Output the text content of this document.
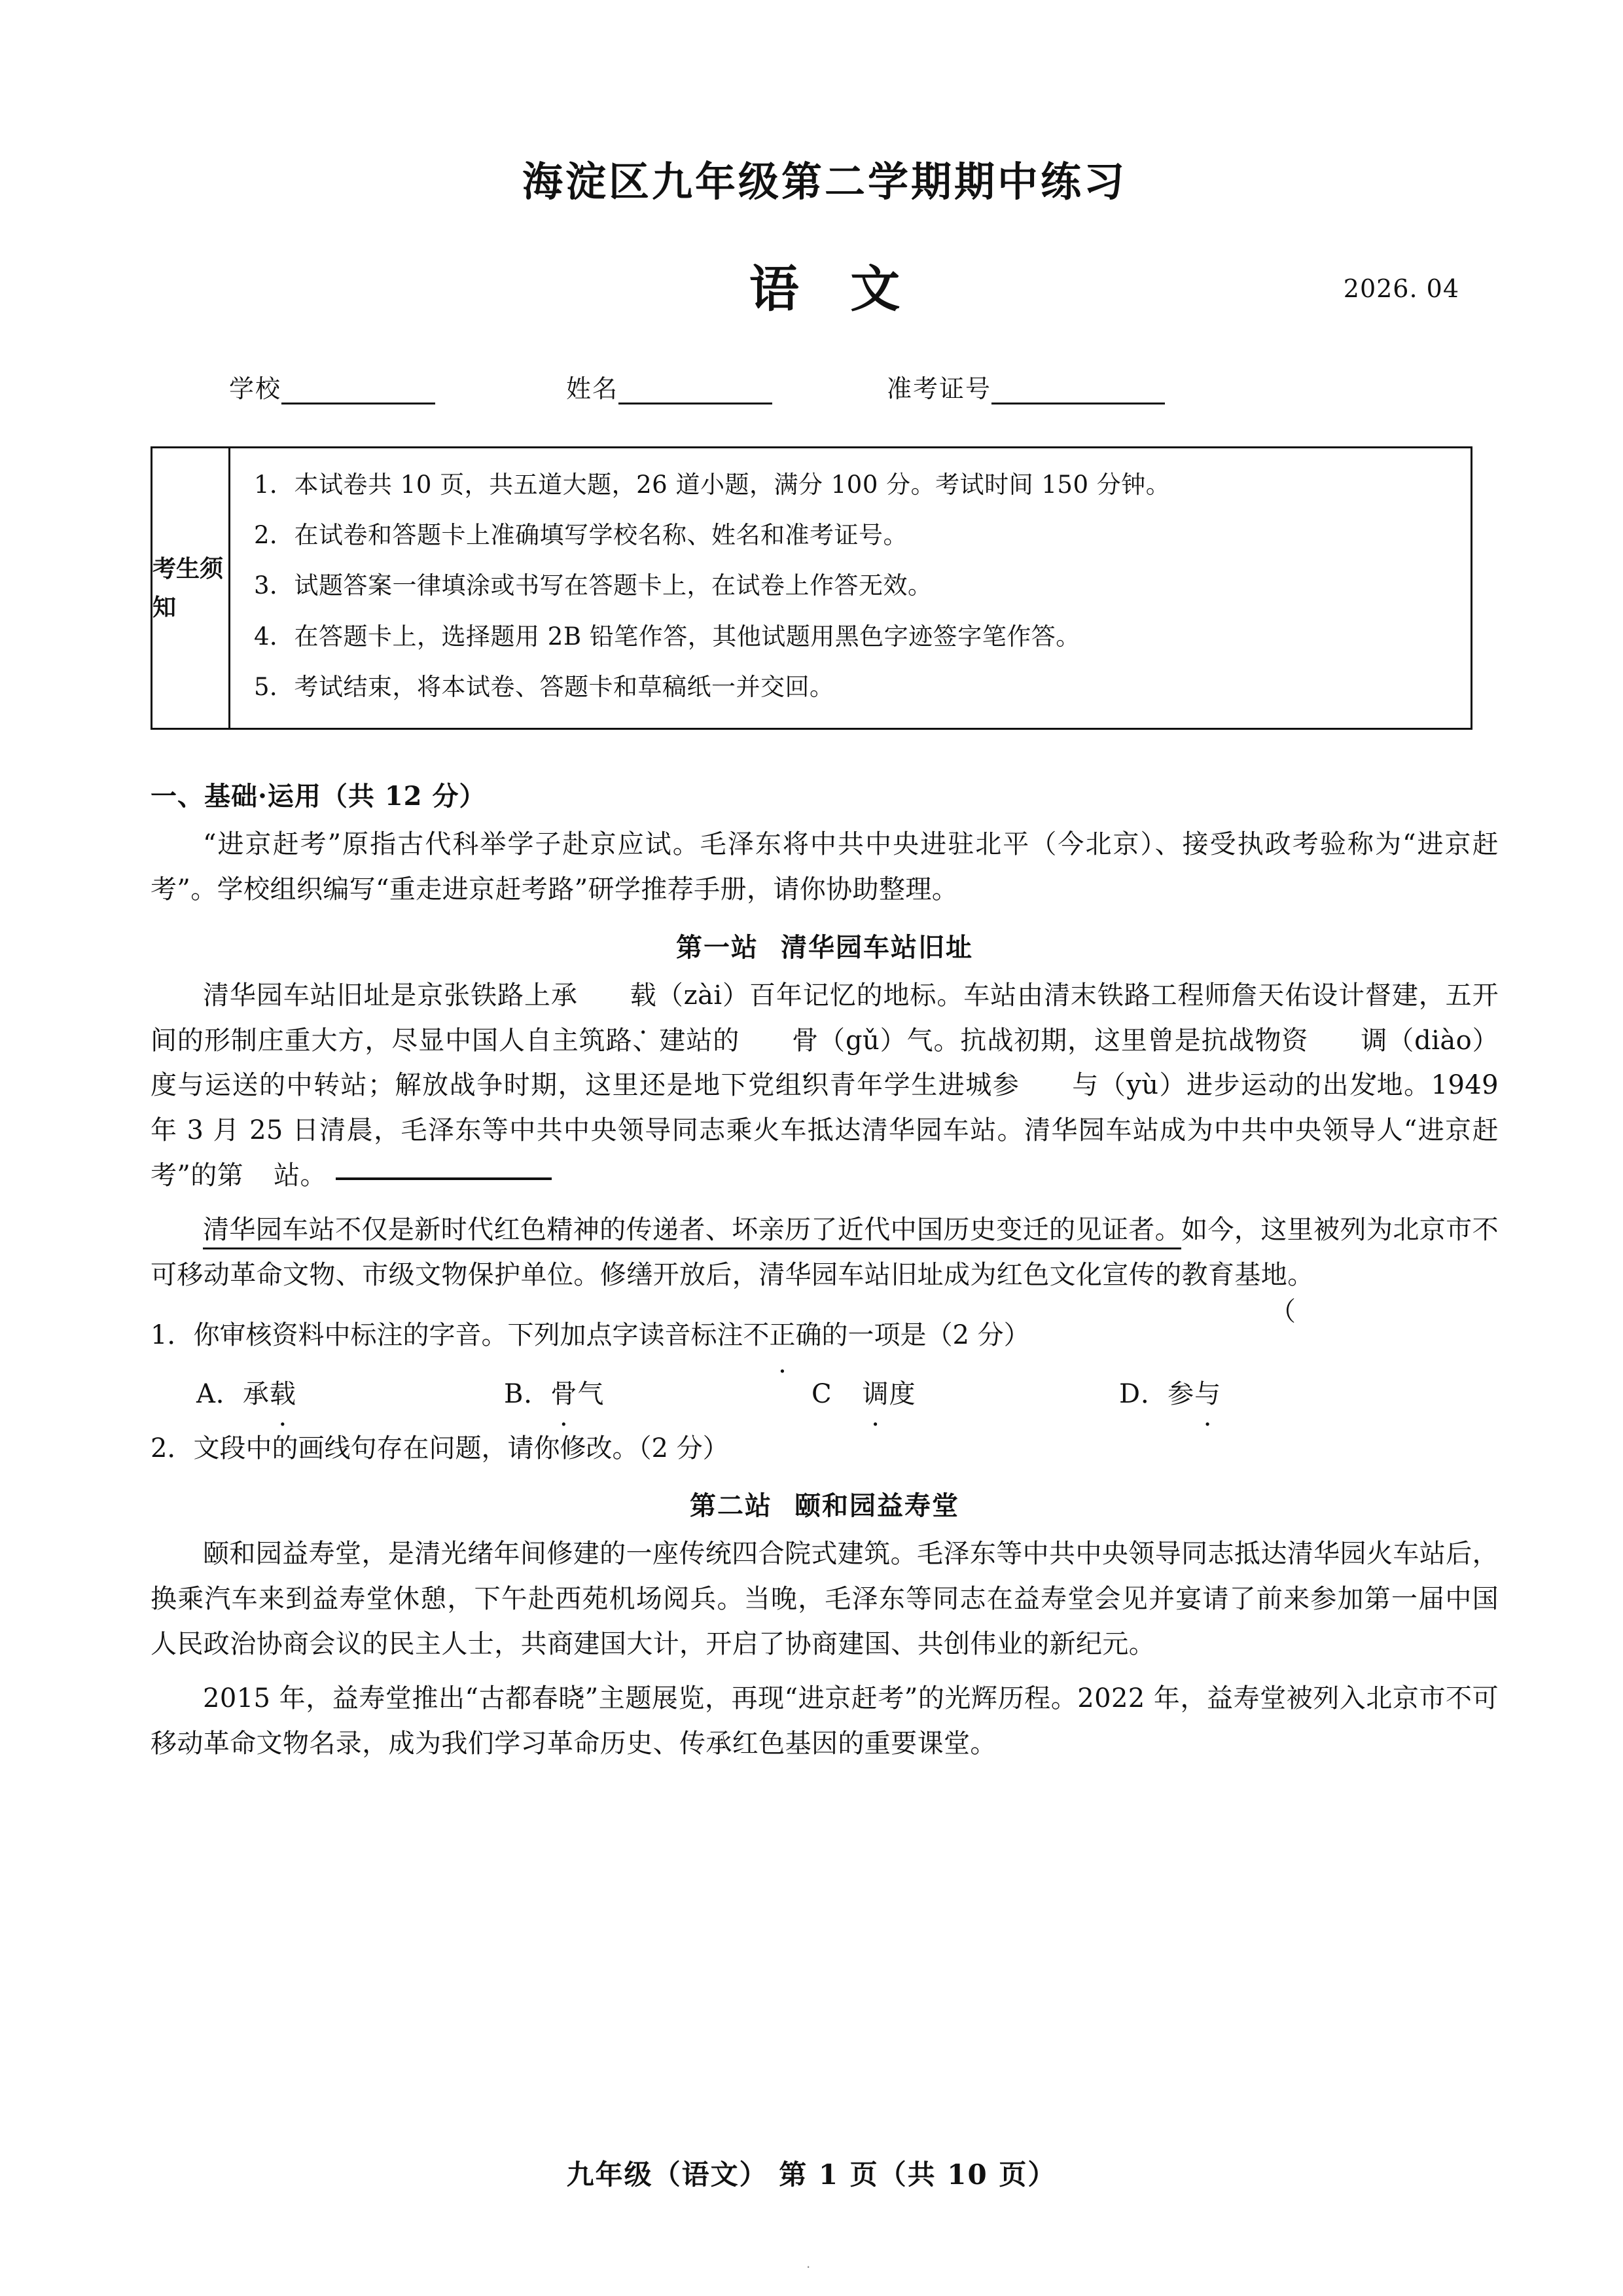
海淀区九年级第二学期期中练习
语 文	2026. 04
学校	姓名	准考证号
考生须知
1．本试卷共 10 页，共五道大题，26 道小题，满分 100 分。考试时间 150 分钟。
2．在试卷和答题卡上准确填写学校名称、姓名和准考证号。
3．试题答案一律填涂或书写在答题卡上，在试卷上作答无效。
4．在答题卡上，选择题用 2B 铅笔作答，其他试题用黑色字迹签字笔作答。
5．考试结束，将本试卷、答题卡和草稿纸一并交回。
一、基础·运用（共 12 分）

“进京赶考”原指古代科举学子赴京应试。毛泽东将中共中央进驻北平（今北京）、接受执政考验称为“进京赶考”。学校组织编写“重走进京赶考路”研学推荐手册，请你协助整理。

第一站 清华园车站旧址

清华园车站旧址是京张铁路上承 载（zài）百年记忆的地标。车站由清末铁路工程师詹天佑设计督建，五开间的形制庄重大方，尽显中国人自主筑路、建站的 骨（gǔ）气。抗战初期，这里曾是抗战物资 调（diào）度与运送的中转站；解放战争时期，这里还是地下党组织青年学生进城参 与（yù）进步运动的出发地。1949 年 3 月 25 日清晨，毛泽东等中共中央领导同志乘火车抵达清华园车站。清华园车站成为中共中央领导人“进京赶考”的第 站。

清华园车站不仅是新时代红色精神的传递者、坏亲历了近代中国历史变迁的见证者。如今，这里被列为北京市不可移动革命文物、市级文物保护单位。修缮开放后，清华园车站旧址成为红色文化宣传的教育基地。

1．你审核资料中标注的字音。下列加点字读音标注不正确的一项是（2 分）
（
A．承载	B．骨气	C 调度	D．参与
2．文段中的画线句存在问题，请你修改。（2 分）
第二站 颐和园益寿堂

颐和园益寿堂，是清光绪年间修建的一座传统四合院式建筑。毛泽东等中共中央领导同志抵达清华园火车站后，换乘汽车来到益寿堂休憩，下午赴西苑机场阅兵。当晚，毛泽东等同志在益寿堂会见并宴请了前来参加第一届中国人民政治协商会议的民主人士，共商建国大计，开启了协商建国、共创伟业的新纪元。

2015 年，益寿堂推出“古都春晓”主题展览，再现“进京赶考”的光辉历程。2022 年，益寿堂被列入北京市不可移动革命文物名录，成为我们学习革命历史、传承红色基因的重要课堂。

九年级（语文） 第 1 页（共 10 页）
·
